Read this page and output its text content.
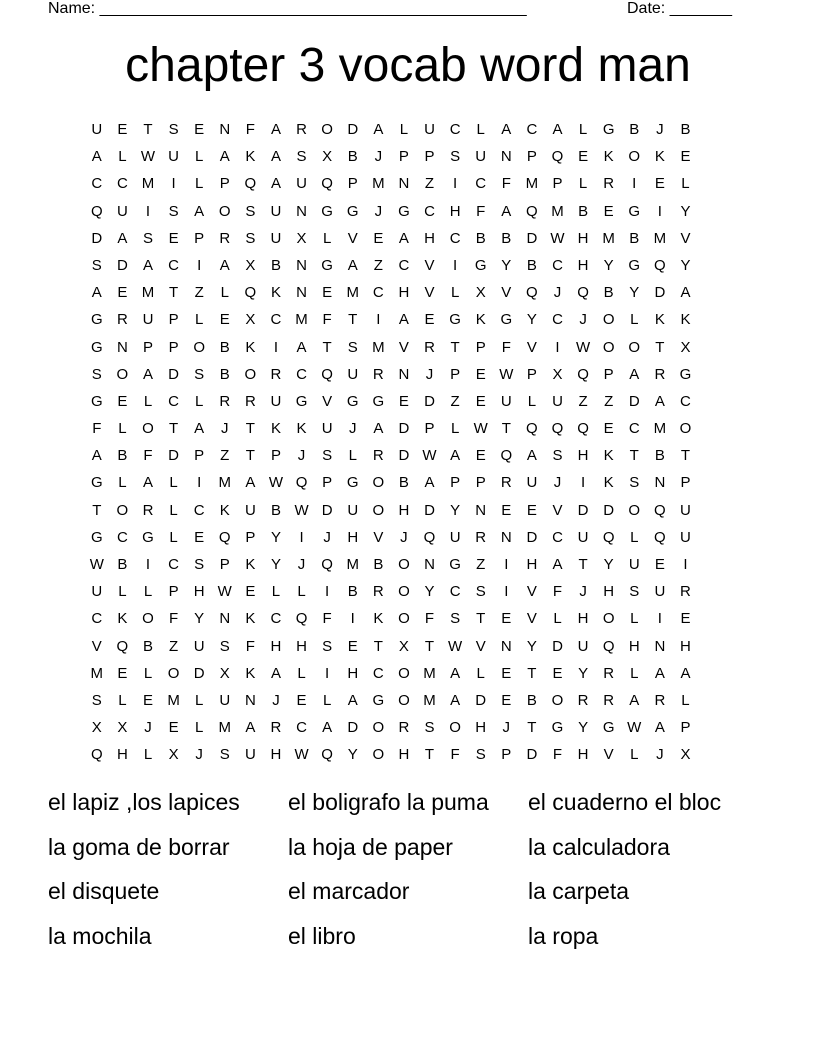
Name: ________________________________________________	Date: _______
chapter 3 vocab word man
U	E	T	S	E	N	F	A	R O D	A	L	U C	L	A	C	A	L	G B	J	B
A	L W U	L	A	K	A	S	X	B	J	P	P	S	U N	P Q E	K O K	E
C C M	I	L	P Q A	U Q P M N	Z	I	C	F M P	L	R	I	E	L
Q U	I	S	A O S	U N G G	J	G C H	F	A Q M B	E G	I	Y
D	A	S	E	P	R	S	U	X	L	V	E	A	H C	B	B	D W H M B M V
S	D	A	C	I	A	X	B	N G A	Z	C	V	I	G Y	B	C H	Y G Q Y
A	E M T	Z	L	Q K	N	E M C H	V	L	X	V Q	J	Q B	Y	D	A
G R U	P	L	E	X	C M F	T	I	A	E G K G Y	C	J	O	L	K	K
G N	P	P O B	K	I	A	T	S M V	R	T	P	F	V	I	W O O	T	X
S O A	D	S	B O R C Q U R N	J	P	E W P	X Q P	A	R G
G E	L	C	L	R R U G V G G E	D	Z	E	U	L	U	Z	Z	D	A	C
F	L	O	T	A	J	T	K	K	U	J	A	D	P	L W T	Q Q Q E	C M O
A	B	F	D	P	Z	T	P	J	S	L	R D W A	E Q A	S	H	K	T	B	T
G	L	A	L	I	M A W Q P G O B	A	P	P	R U	J	I	K	S	N	P
T	O R	L	C	K	U	B W D U O H D	Y	N	E	E	V	D D O Q U
G C G	L	E Q P	Y	I	J	H	V	J	Q U R N D C U Q	L	Q U
W B	I	C	S	P	K	Y	J	Q M B O N G	Z	I	H	A	T	Y	U	E	I
U	L	L	P	H W E	L	L	I	B	R O Y	C	S	I	V	F	J	H	S	U R
C	K O	F	Y	N	K	C Q	F	I	K O	F	S	T	E	V	L	H O	L	I	E
V Q B	Z	U	S	F	H H	S	E	T	X	T W V	N	Y	D U Q H N H
M E	L	O D	X	K	A	L	I	H C O M A	L	E	T	E	Y	R	L	A	A
S	L	E M	L	U N	J	E	L	A G O M A	D	E	B O R R	A	R	L
X	X	J	E	L	M A	R C	A	D O R	S O H	J	T	G Y G W A	P
Q H	L	X	J	S	U H W Q Y O H	T	F	S	P	D	F	H	V	L	J	X
el lapiz ,los lapices	el boligrafo la puma	el cuaderno el bloc
la goma de borrar	la hoja de paper	la calculadora
el disquete	el marcador	la carpeta
la mochila	el libro	la ropa
